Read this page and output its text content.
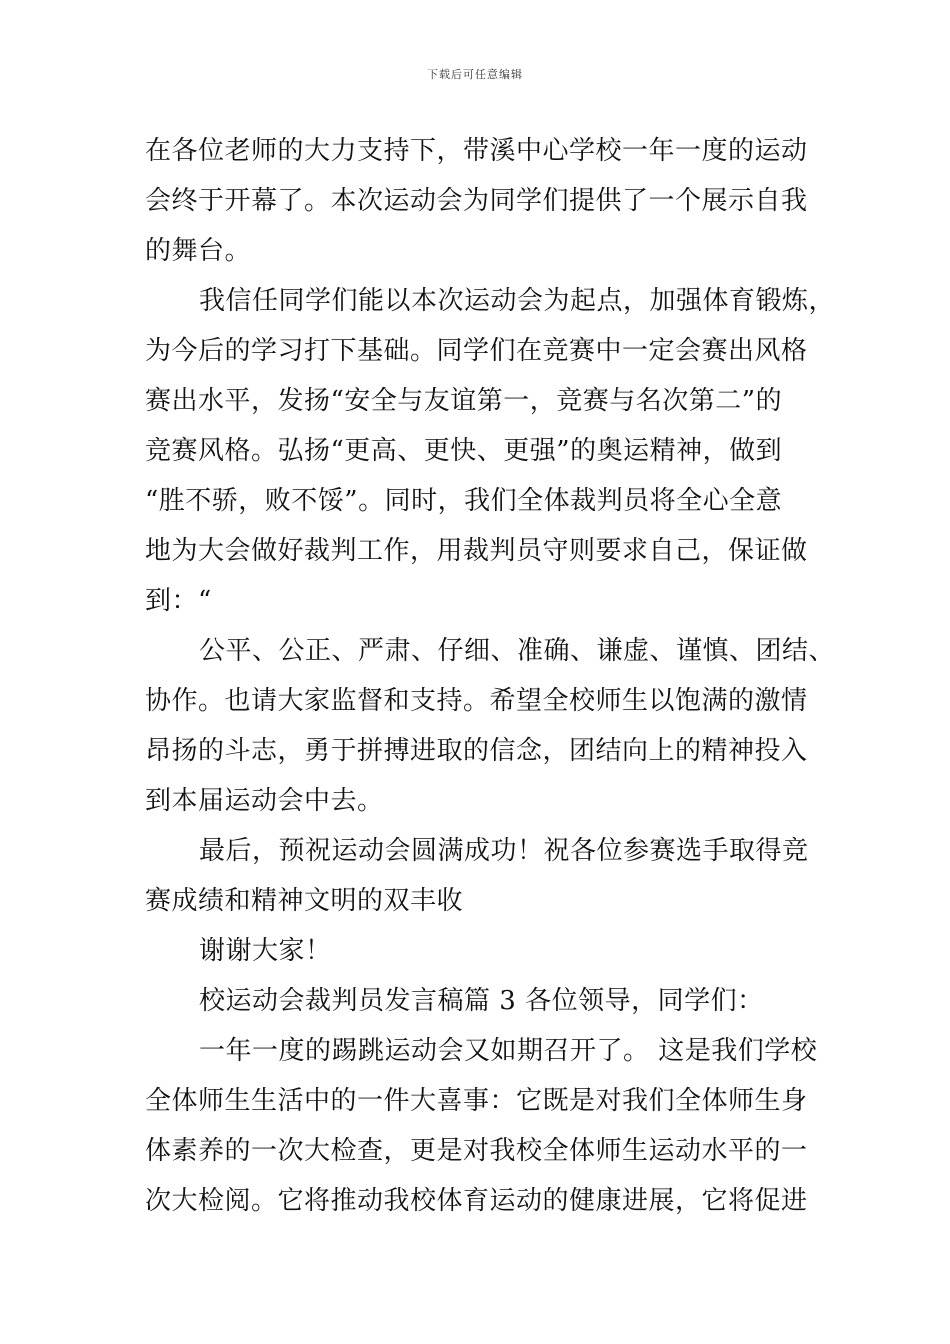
下载后可任意编辑

在各位老师的大力支持下，带溪中心学校一年一度的运动
会终于开幕了。本次运动会为同学们提供了一个展示自我
的舞台。

我信任同学们能以本次运动会为起点，加强体育锻炼，
为今后的学习打下基础。同学们在竞赛中一定会赛出风格
赛出水平，发扬“安全与友谊第一，竞赛与名次第二”的
竞赛风格。弘扬“更高、更快、更强”的奥运精神，做到
“胜不骄，败不馁”。同时，我们全体裁判员将全心全意
地为大会做好裁判工作，用裁判员守则要求自己，保证做
到：“

公平、公正、严肃、仔细、准确、谦虚、谨慎、团结、
协作。也请大家监督和支持。希望全校师生以饱满的激情
昂扬的斗志，勇于拼搏进取的信念，团结向上的精神投入
到本届运动会中去。

最后，预祝运动会圆满成功！祝各位参赛选手取得竞
赛成绩和精神文明的双丰收

谢谢大家！

校运动会裁判员发言稿篇 3 各位领导，同学们：

一年一度的踢跳运动会又如期召开了。 这是我们学校
全体师生生活中的一件大喜事：它既是对我们全体师生身
体素养的一次大检查，更是对我校全体师生运动水平的一
次大检阅。它将推动我校体育运动的健康进展，它将促进
